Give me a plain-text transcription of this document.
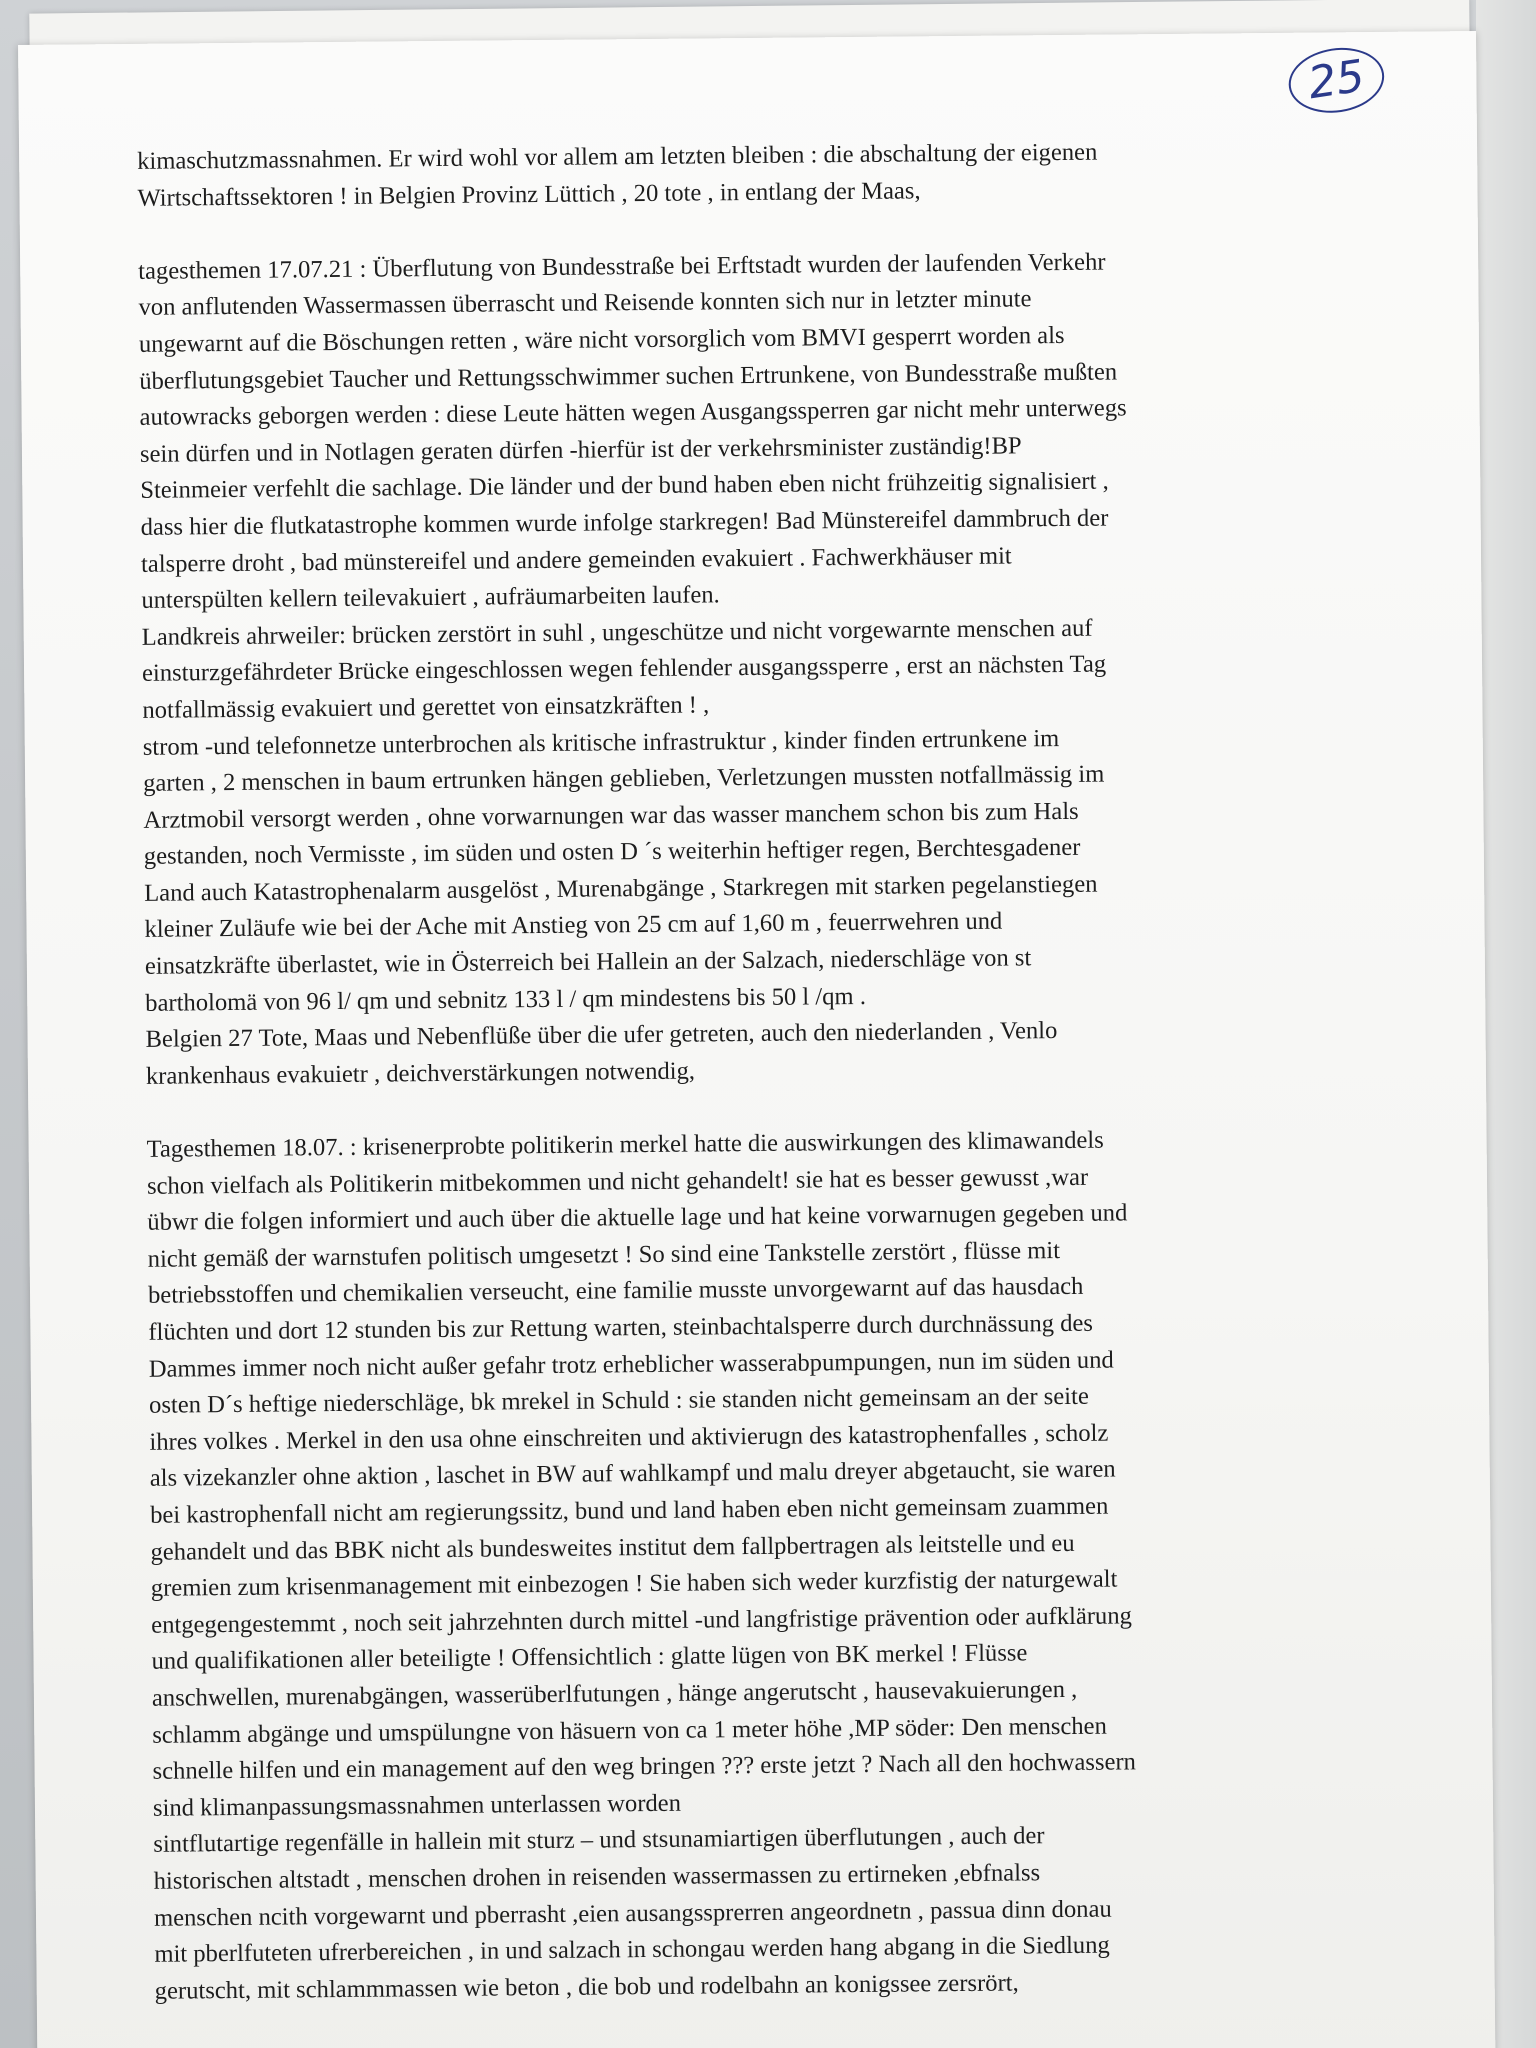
25
kimaschutzmassnahmen. Er wird wohl vor allem am letzten bleiben : die abschaltung der eigenen
Wirtschaftssektoren ! in Belgien Provinz Lüttich , 20 tote , in entlang der Maas,
tagesthemen 17.07.21 : Überflutung von Bundesstraße bei Erftstadt wurden der laufenden Verkehr
von anflutenden Wassermassen überrascht und Reisende konnten sich nur in letzter minute
ungewarnt auf die Böschungen retten , wäre nicht vorsorglich vom BMVI gesperrt worden als
überflutungsgebiet Taucher und Rettungsschwimmer suchen Ertrunkene, von Bundesstraße mußten
autowracks geborgen werden : diese Leute hätten wegen Ausgangssperren gar nicht mehr unterwegs
sein dürfen und in Notlagen geraten dürfen -hierfür ist der verkehrsminister zuständig!BP
Steinmeier verfehlt die sachlage. Die länder und der bund haben eben nicht frühzeitig signalisiert ,
dass hier die flutkatastrophe kommen wurde infolge starkregen! Bad Münstereifel dammbruch der
talsperre droht , bad münstereifel und andere gemeinden evakuiert . Fachwerkhäuser mit
unterspülten kellern teilevakuiert , aufräumarbeiten laufen.
Landkreis ahrweiler: brücken zerstört in suhl , ungeschütze und nicht vorgewarnte menschen auf
einsturzgefährdeter Brücke eingeschlossen wegen fehlender ausgangssperre , erst an nächsten Tag
notfallmässig evakuiert und gerettet von einsatzkräften ! ,
strom -und telefonnetze unterbrochen als kritische infrastruktur , kinder finden ertrunkene im
garten , 2 menschen in baum ertrunken hängen geblieben, Verletzungen mussten notfallmässig im
Arztmobil versorgt werden , ohne vorwarnungen war das wasser manchem schon bis zum Hals
gestanden, noch Vermisste , im süden und osten D ´s weiterhin heftiger regen, Berchtesgadener
Land auch Katastrophenalarm ausgelöst , Murenabgänge , Starkregen mit starken pegelanstiegen
kleiner Zuläufe wie bei der Ache mit Anstieg von 25 cm auf 1,60 m , feuerrwehren und
einsatzkräfte überlastet, wie in Österreich bei Hallein an der Salzach, niederschläge von st
bartholomä von 96 l/ qm und sebnitz 133 l / qm mindestens bis 50 l /qm .
Belgien 27 Tote, Maas und Nebenflüße über die ufer getreten, auch den niederlanden , Venlo
krankenhaus evakuietr , deichverstärkungen notwendig,
Tagesthemen 18.07. : krisenerprobte politikerin merkel hatte die auswirkungen des klimawandels
schon vielfach als Politikerin mitbekommen und nicht gehandelt! sie hat es besser gewusst ,war
übwr die folgen informiert und auch über die aktuelle lage und hat keine vorwarnugen gegeben und
nicht gemäß der warnstufen politisch umgesetzt ! So sind eine Tankstelle zerstört , flüsse mit
betriebsstoffen und chemikalien verseucht, eine familie musste unvorgewarnt auf das hausdach
flüchten und dort 12 stunden bis zur Rettung warten, steinbachtalsperre durch durchnässung des
Dammes immer noch nicht außer gefahr trotz erheblicher wasserabpumpungen, nun im süden und
osten D´s heftige niederschläge, bk mrekel in Schuld : sie standen nicht gemeinsam an der seite
ihres volkes . Merkel in den usa ohne einschreiten und aktivierugn des katastrophenfalles , scholz
als vizekanzler ohne aktion , laschet in BW auf wahlkampf und malu dreyer abgetaucht, sie waren
bei kastrophenfall nicht am regierungssitz, bund und land haben eben nicht gemeinsam zuammen
gehandelt und das BBK nicht als bundesweites institut dem fallpbertragen als leitstelle und eu
gremien zum krisenmanagement mit einbezogen ! Sie haben sich weder kurzfistig der naturgewalt
entgegengestemmt , noch seit jahrzehnten durch mittel -und langfristige prävention oder aufklärung
und qualifikationen aller beteiligte ! Offensichtlich : glatte lügen von BK merkel ! Flüsse
anschwellen, murenabgängen, wasserüberlfutungen , hänge angerutscht , hausevakuierungen ,
schlamm abgänge und umspülungne von häsuern von ca 1 meter höhe ,MP söder: Den menschen
schnelle hilfen und ein management auf den weg bringen ??? erste jetzt ? Nach all den hochwassern
sind klimanpassungsmassnahmen unterlassen worden
sintflutartige regenfälle in hallein mit sturz – und stsunamiartigen überflutungen , auch der
historischen altstadt , menschen drohen in reisenden wassermassen zu ertirneken ,ebfnalss
menschen ncith vorgewarnt und pberrasht ,eien ausangssprerren angeordnetn , passua dinn donau
mit pberlfuteten ufrerbereichen , in und salzach in schongau werden hang abgang in die Siedlung
gerutscht, mit schlammmassen wie beton , die bob und rodelbahn an konigssee zersrört,
